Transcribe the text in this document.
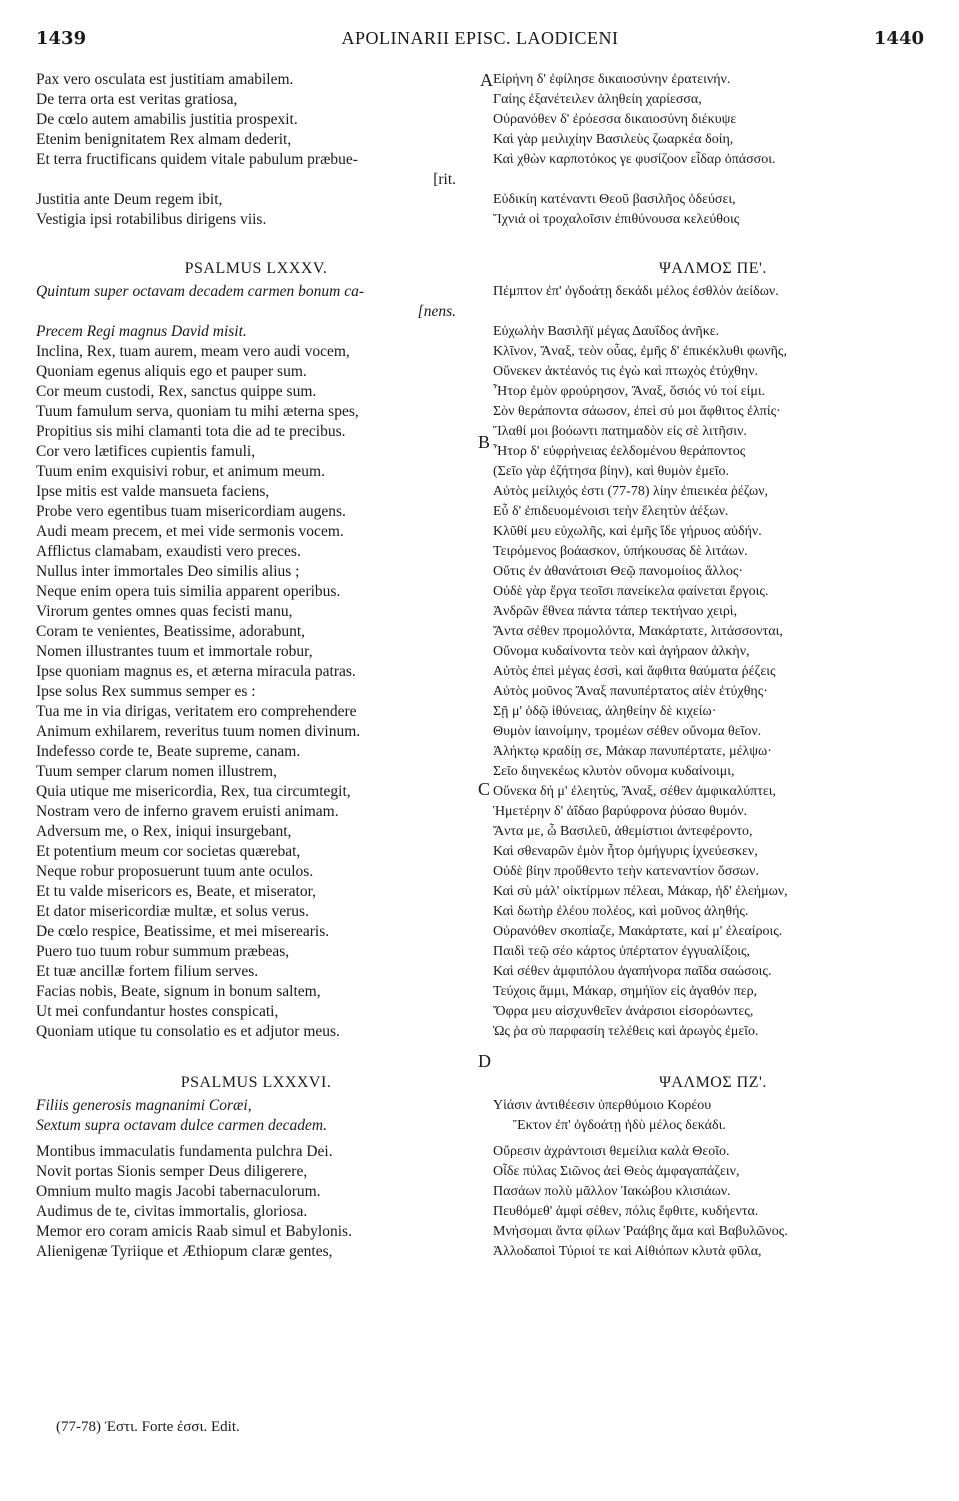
1439	APOLINARII EPISC. LAODICENI	1440
A
B
C
D
Pax vero osculata est justitiam amabilem.
De terra orta est veritas gratiosa,
De cœlo autem amabilis justitia prospexit.
Etenim benignitatem Rex almam dederit,
Et terra fructificans quidem vitale pabulum præbue-
[rit.
Justitia ante Deum regem ibit,
Vestigia ipsi rotabilibus dirigens viis.
PSALMUS LXXXV.
Quintum super octavam decadem carmen bonum ca-
[nens.
Precem Regi magnus David misit.
Inclina, Rex, tuam aurem, meam vero audi vocem,
Quoniam egenus aliquis ego et pauper sum.
Cor meum custodi, Rex, sanctus quippe sum.
Tuum famulum serva, quoniam tu mihi æterna spes,
Propitius sis mihi clamanti tota die ad te precibus.
Cor vero lætifices cupientis famuli,
Tuum enim exquisivi robur, et animum meum.
Ipse mitis est valde mansueta faciens,
Probe vero egentibus tuam misericordiam augens.
Audi meam precem, et mei vide sermonis vocem.
Afflictus clamabam, exaudisti vero preces.
Nullus inter immortales Deo similis alius ;
Neque enim opera tuis similia apparent operibus.
Virorum gentes omnes quas fecisti manu,
Coram te venientes, Beatissime, adorabunt,
Nomen illustrantes tuum et immortale robur,
Ipse quoniam magnus es, et æterna miracula patras.
Ipse solus Rex summus semper es :
Tua me in via dirigas, veritatem ero comprehendere
Animum exhilarem, reveritus tuum nomen divinum.
Indefesso corde te, Beate supreme, canam.
Tuum semper clarum nomen illustrem,
Quia utique me misericordia, Rex, tua circumtegit,
Nostram vero de inferno gravem eruisti animam.
Adversum me, o Rex, iniqui insurgebant,
Et potentium meum cor societas quærebat,
Neque robur proposuerunt tuum ante oculos.
Et tu valde misericors es, Beate, et miserator,
Et dator misericordiæ multæ, et solus verus.
De cœlo respice, Beatissime, et mei miserearis.
Puero tuo tuum robur summum præbeas,
Et tuæ ancillæ fortem filium serves.
Facias nobis, Beate, signum in bonum saltem,
Ut mei confundantur hostes conspicati,
Quoniam utique tu consolatio es et adjutor meus.
PSALMUS LXXXVI.
Filiis generosis magnanimi Coræi,
Sextum supra octavam dulce carmen decadem.
Montibus immaculatis fundamenta pulchra Dei.
Novit portas Sionis semper Deus diligerere,
Omnium multo magis Jacobi tabernaculorum.
Audimus de te, civitas immortalis, gloriosa.
Memor ero coram amicis Raab simul et Babylonis.
Alienigenæ Tyriique et Æthiopum claræ gentes,
Εἰρήνη δ' ἐφίλησε δικαιοσύνην ἐρατεινήν.
Γαίης ἐξανέτειλεν ἀληθείη χαρίεσσα,
Οὐρανόθεν δ' ἐρόεσσα δικαιοσύνη διέκυψε
Καὶ γὰρ μειλιχίην Βασιλεὺς ζωαρκέα δοίη,
Καὶ χθὼν καρποτόκος γε φυσίζοον εἶδαρ ὀπάσσοι.
Εὐδικίη κατέναντι Θεοῦ βασιλῆος ὁδεύσει,
Ἴχνιά οἱ τροχαλοῖσιν ἐπιθύνουσα κελεύθοις
ΨΑΛΜΟΣ ΠΕ'.
Πέμπτον ἐπ' ὀγδοάτῃ δεκάδι μέλος ἐσθλὸν ἀείδων.
Εὐχωλὴν Βασιλῆϊ μέγας Δαυΐδος ἀνῆκε.
Κλῖνον, Ἄναξ, τεὸν οὖας, ἐμῆς δ' ἐπικέκλυθι φωνῆς,
Οὕνεκεν ἀκτέανός τις ἐγὼ καὶ πτωχὸς ἐτύχθην.
Ἦτορ ἐμὸν φρούρησον, Ἄναξ, ὅσιός νύ τοί εἰμι.
Σὸν θεράποντα σάωσον, ἐπεὶ σύ μοι ἄφθιτος ἐλπίς·
Ἵλαθί μοι βοόωντι πατημαδὸν εἰς σὲ λιτῆσιν.
Ἦτορ δ' εὐφρήνειας ἐελδομένου θεράποντος
(Σεῖο γὰρ ἐζήτησα βίην), καὶ θυμὸν ἐμεῖο.
Αὐτὸς μείλιχός ἐστι (77-78) λίην ἐπιεικέα ῥέζων,
Εὖ δ' ἐπιδευομένοισι τεὴν ἔλεητὺν ἀέξων.
Κλῦθί μευ εὐχωλῆς, καὶ ἐμῆς ἴδε γήρυος αὐδήν.
Τειρόμενος βοάασκον, ὑπήκουσας δὲ λιτάων.
Οὔτις ἐν ἀθανάτοισι Θεῷ πανομοίιος ἄλλος·
Οὐδὲ γὰρ ἔργα τεοῖσι πανείκελα φαίνεται ἔργοις.
Ἀνδρῶν ἔθνεα πάντα τάπερ τεκτήναο χειρὶ,
Ἄντα σέθεν προμολόντα, Μακάρτατε, λιτάσσονται,
Οὔνομα κυδαίνοντα τεὸν καὶ ἀγήραον ἀλκὴν,
Αὐτὸς ἐπεὶ μέγας ἐσσὶ, καὶ ἄφθιτα θαύματα ῥέζεις
Αὐτὸς μοῦνος Ἄναξ πανυπέρτατος αἰὲν ἐτύχθης·
Σῇ μ' ὁδῷ ἰθύνειας, ἀληθείην δὲ κιχείω·
Θυμὸν ἰαινοίμην, τρομέων σέθεν οὔνομα θεῖον.
Ἀλήκτῳ κραδίῃ σε, Μάκαρ πανυπέρτατε, μέλψω·
Σεῖο διηνεκέως κλυτὸν οὔνομα κυδαίνοιμι,
Οὕνεκα δή μ' ἐλεητὺς, Ἄναξ, σέθεν ἀμφικαλύπτει,
Ἡμετέρην δ' ἀΐδαο βαρύφρονα ῥύσαο θυμόν.
Ἄντα με, ὦ Βασιλεῦ, ἀθεμίστιοι ἀντεφέροντο,
Καὶ σθεναρῶν ἐμὸν ἦτορ ὁμήγυρις ἰχνεύεσκεν,
Οὐδὲ βίην προὔθεντο τεὴν κατεναντίον ὄσσων.
Καὶ σὺ μάλ' οἰκτίρμων πέλεαι, Μάκαρ, ἠδ' ἐλεήμων,
Καὶ δωτὴρ ἐλέου πολέος, καὶ μοῦνος ἀληθής.
Οὐρανόθεν σκοπίαζε, Μακάρτατε, καί μ' ἐλεαίροις.
Παιδὶ τεῷ σέο κάρτος ὑπέρτατον ἐγγυαλίξοις,
Καὶ σέθεν ἀμφιπόλου ἀγαπήνορα παῖδα σαώσοις.
Τεύχοις ἄμμι, Μάκαρ, σημήϊον εἰς ἀγαθόν περ,
Ὄφρα μευ αἰσχυνθεῖεν ἀνάρσιοι εἰσορόωντες,
Ὡς ῥα σὺ παρφασίη τελέθεις καὶ ἀρωγὸς ἐμεῖο.
ΨΑΛΜΟΣ ΠΖ'.
Υἱάσιν ἀντιθέεσιν ὑπερθύμοιο Κορέου
Ἕκτον ἐπ' ὀγδοάτῃ ἡδὺ μέλος δεκάδι.
Οὔρεσιν ἀχράντοισι θεμείλια καλὰ Θεοῖο.
Οἶδε πύλας Σιῶνος ἀεὶ Θεὸς ἀμφαγαπάζειν,
Πασάων πολὺ μᾶλλον Ἰακώβου κλισιάων.
Πευθόμεθ' ἀμφὶ σέθεν, πόλις ἔφθιτε, κυδήεντα.
Μνήσομαι ἄντα φίλων Ῥαάβης ἅμα καὶ Βαβυλῶνος.
Ἀλλοδαποὶ Τύριοί τε καὶ Αἰθιόπων κλυτὰ φῦλα,
(77-78) Ἐστι. Forte ἐσσι. Edit.
